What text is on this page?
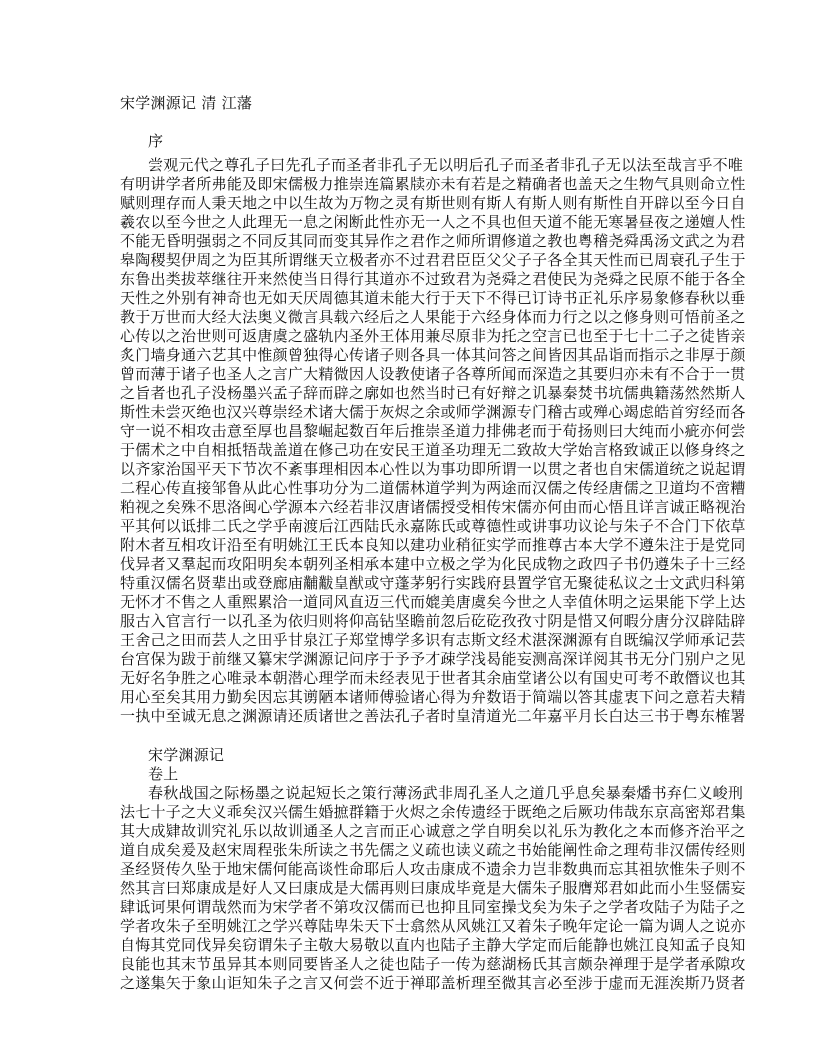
宋学渊源记 清 江藩
序
尝观元代之尊孔子曰先孔子而圣者非孔子无以明后孔子而圣者非孔子无以法至哉言乎不唯
有明讲学者所弗能及即宋儒极力推崇连篇累牍亦未有若是之精确者也盖天之生物气具则命立性
赋则理存而人秉天地之中以生故为万物之灵有斯世则有斯人有斯人则有斯性自开辟以至今日自
羲农以至今世之人此理无一息之闲断此性亦无一人之不具也但天道不能无寒暑昼夜之递嬗人性
不能无昏明强弱之不同反其同而变其异作之君作之师所谓修道之教也粤稽尧舜禹汤文武之为君
皋陶稷契伊周之为臣其所谓继天立极者亦不过君君臣臣父父子子各全其天性而已周衰孔子生于
东鲁出类拔萃继往开来然使当日得行其道亦不过致君为尧舜之君使民为尧舜之民原不能于各全
天性之外别有神奇也无如天厌周德其道未能大行于天下不得已订诗书正礼乐序易象修春秋以垂
教于万世而大经大法奥义微言具载六经后之人果能于六经身体而力行之以之修身则可悟前圣之
心传以之治世则可返唐虞之盛轨内圣外王体用兼尽原非为托之空言已也至于七十二子之徒皆亲
炙门墙身通六艺其中惟颜曾独得心传诸子则各具一体其问答之间皆因其品诣而指示之非厚于颜
曾而薄于诸子也圣人之言广大精微因人设教使诸子各尊所闻而深造之其要归亦未有不合于一贯
之旨者也孔子没杨墨兴孟子辞而辟之廓如也然当时已有好辩之讥暴秦焚书坑儒典籍荡然然斯人
斯性未尝灭绝也汉兴尊崇经术诸大儒于灰烬之余或师学渊源专门稽古或殚心竭虑皓首穷经而各
守一说不相攻击意至厚也昌黎崛起数百年后推崇圣道力排佛老而于荀扬则曰大纯而小疵亦何尝
于儒术之中自相抵牾哉盖道在修己功在安民王道圣功理无二致故大学始言格致诚正以修身终之
以齐家治国平天下节次不紊事理相因本心性以为事功即所谓一以贯之者也自宋儒道统之说起谓
二程心传直接邹鲁从此心性事功分为二道儒林道学判为两途而汉儒之传经唐儒之卫道均不啻糟
粕视之矣殊不思洛闽心学源本六经若非汉唐诸儒授受相传宋儒亦何由而心悟且详言诚正略视治
平其何以诋排二氏之学乎南渡后江西陆氏永嘉陈氏或尊德性或讲事功议论与朱子不合门下依草
附木者互相攻讦沿至有明姚江王氏本良知以建功业稍征实学而推尊古本大学不遵朱注于是党同
伐异者又羣起而攻阳明矣本朝列圣相承本建中立极之学为化民成物之政四子书仍遵朱子十三经
特重汉儒名贤辈出或登廊庙黼黻皇猷或守蓬茅躬行实践府县置学官无聚徒私议之士文武归科第
无怀才不售之人重熙累洽一道同风直迈三代而媲美唐虞矣今世之人幸值休明之运果能下学上达
服古入官言行一以孔圣为依归则将仰高钻坚瞻前忽后矻矻孜孜寸阴是惜又何暇分唐分汉辟陆辟
王舍己之田而芸人之田乎甘泉江子郑堂博学多识有志斯文经术湛深渊源有自既编汉学师承记芸
台宫保为跋于前继又纂宋学渊源记问序于予予才疎学浅曷能妄测高深详阅其书无分门别户之见
无好名争胜之心唯录本朝潜心理学而未经表见于世者其余庙堂诸公以有国史可考不敢僭议也其
用心至矣其用力勤矣因忘其谫陋本诸师傅验诸心得为弁数语于简端以答其虚衷下问之意若夫精
一执中至诚无息之渊源请还质诸世之善法孔子者时皇清道光二年嘉平月长白达三书于粤东榷署
宋学渊源记
卷上
春秋战国之际杨墨之说起短长之策行薄汤武非周孔圣人之道几乎息矣暴秦燔书弃仁义峻刑
法七十子之大义乖矣汉兴儒生婚摭群籍于火烬之余传遗经于既绝之后厥功伟哉东京高密郑君集
其大成肄故训究礼乐以故训通圣人之言而正心诚意之学自明矣以礼乐为教化之本而修齐治平之
道自成矣爰及赵宋周程张朱所读之书先儒之义疏也读义疏之书始能阐性命之理苟非汉儒传经则
圣经贤传久坠于地宋儒何能高谈性命耶后人攻击康成不遗余力岂非数典而忘其祖欤惟朱子则不
然其言曰郑康成是好人又曰康成是大儒再则曰康成毕竟是大儒朱子服膺郑君如此而小生竖儒妄
肆诋诃果何谓哉然而为宋学者不第攻汉儒而已也抑且同室操戈矣为朱子之学者攻陆子为陆子之
学者攻朱子至明姚江之学兴尊陆卑朱天下士翕然从风姚江又着朱子晚年定论一篇为调人之说亦
自悔其党同伐异矣窃谓朱子主敬大易敬以直内也陆子主静大学定而后能静也姚江良知孟子良知
良能也其末节虽异其本则同要皆圣人之徒也陆子一传为慈湖杨氏其言颇杂禅理于是学者承隙攻
之遂集矢于象山讵知朱子之言又何尝不近于禅耶盖析理至微其言必至涉于虚而无涯涘斯乃贤者
